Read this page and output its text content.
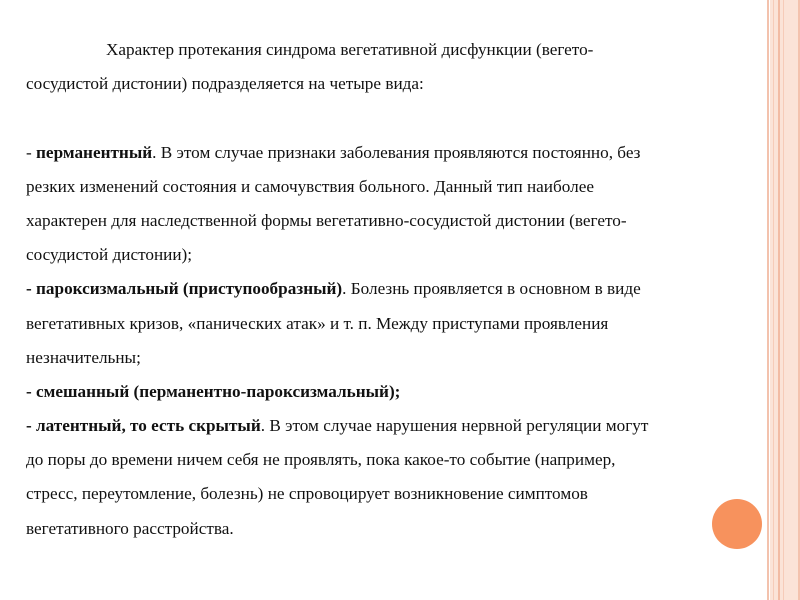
Характер протекания синдрома вегетативной дисфункции (вегето-
сосудистой дистонии) подразделяется на четыре вида:
- перманентный. В этом случае признаки заболевания проявляются постоянно, без
резких изменений состояния и самочувствия больного. Данный тип наиболее
характерен для наследственной формы вегетативно-сосудистой дистонии (вегето-
сосудистой дистонии);
- пароксизмальный (приступообразный). Болезнь проявляется в основном в виде
вегетативных кризов, «панических атак» и т. п. Между приступами проявления
незначительны;
- смешанный (перманентно-пароксизмальный);
- латентный, то есть скрытый. В этом случае нарушения нервной регуляции могут
до поры до времени ничем себя не проявлять, пока какое-то событие (например,
стресс, переутомление, болезнь) не спровоцирует возникновение симптомов
вегетативного расстройства.
